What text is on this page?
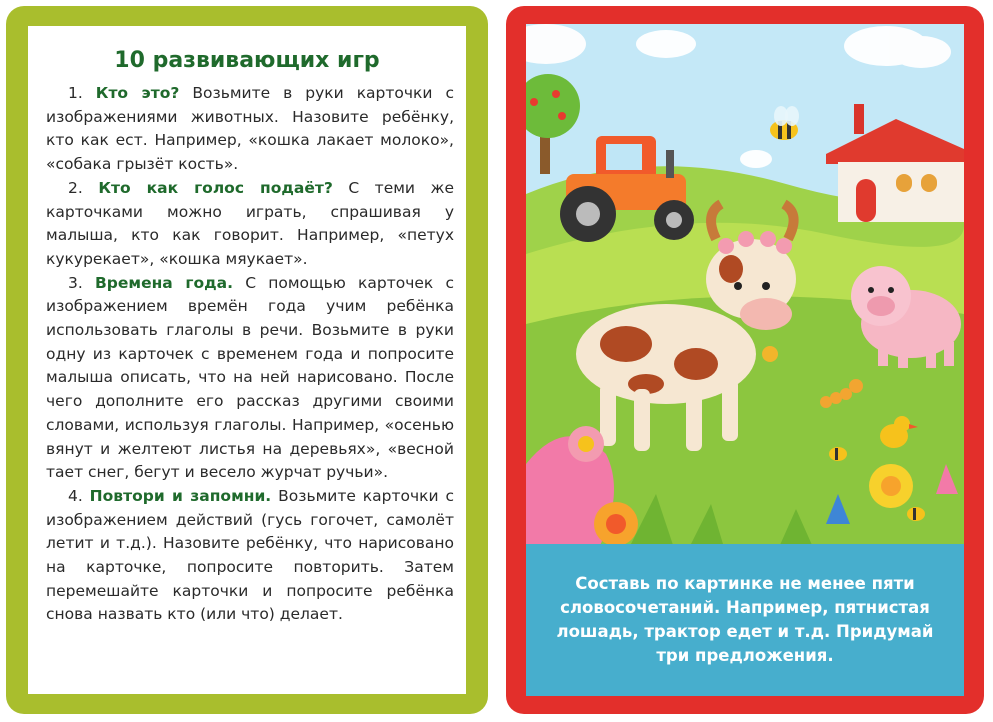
10 развивающих игр

1. Кто это? Возьмите в руки карточки с изображениями животных. Назовите ребёнку, кто как ест. Например, «кошка лакает молоко», «собака грызёт кость».

2. Кто как голос подаёт? С теми же карточками можно играть, спрашивая у малыша, кто как говорит. Например, «петух кукурекает», «кошка мяукает».

3. Времена года. С помощью карточек с изображением времён года учим ребёнка использовать глаголы в речи. Возьмите в руки одну из карточек с временем года и попросите малыша описать, что на ней нарисовано. После чего дополните его рассказ другими своими словами, используя глаголы. Например, «осенью вянут и желтеют листья на деревьях», «весной тает снег, бегут и весело журчат ручьи».

4. Повтори и запомни. Возьмите карточки с изображением действий (гусь гогочет, самолёт летит и т.д.). Назовите ребёнку, что нарисовано на карточке, попросите повторить. Затем перемешайте карточки и попросите ребёнка снова назвать кто (или что) делает.

Составь по картинке не менее пяти словосочетаний. Например, пятнистая лошадь, трактор едет и т.д. Придумай три предложения.
